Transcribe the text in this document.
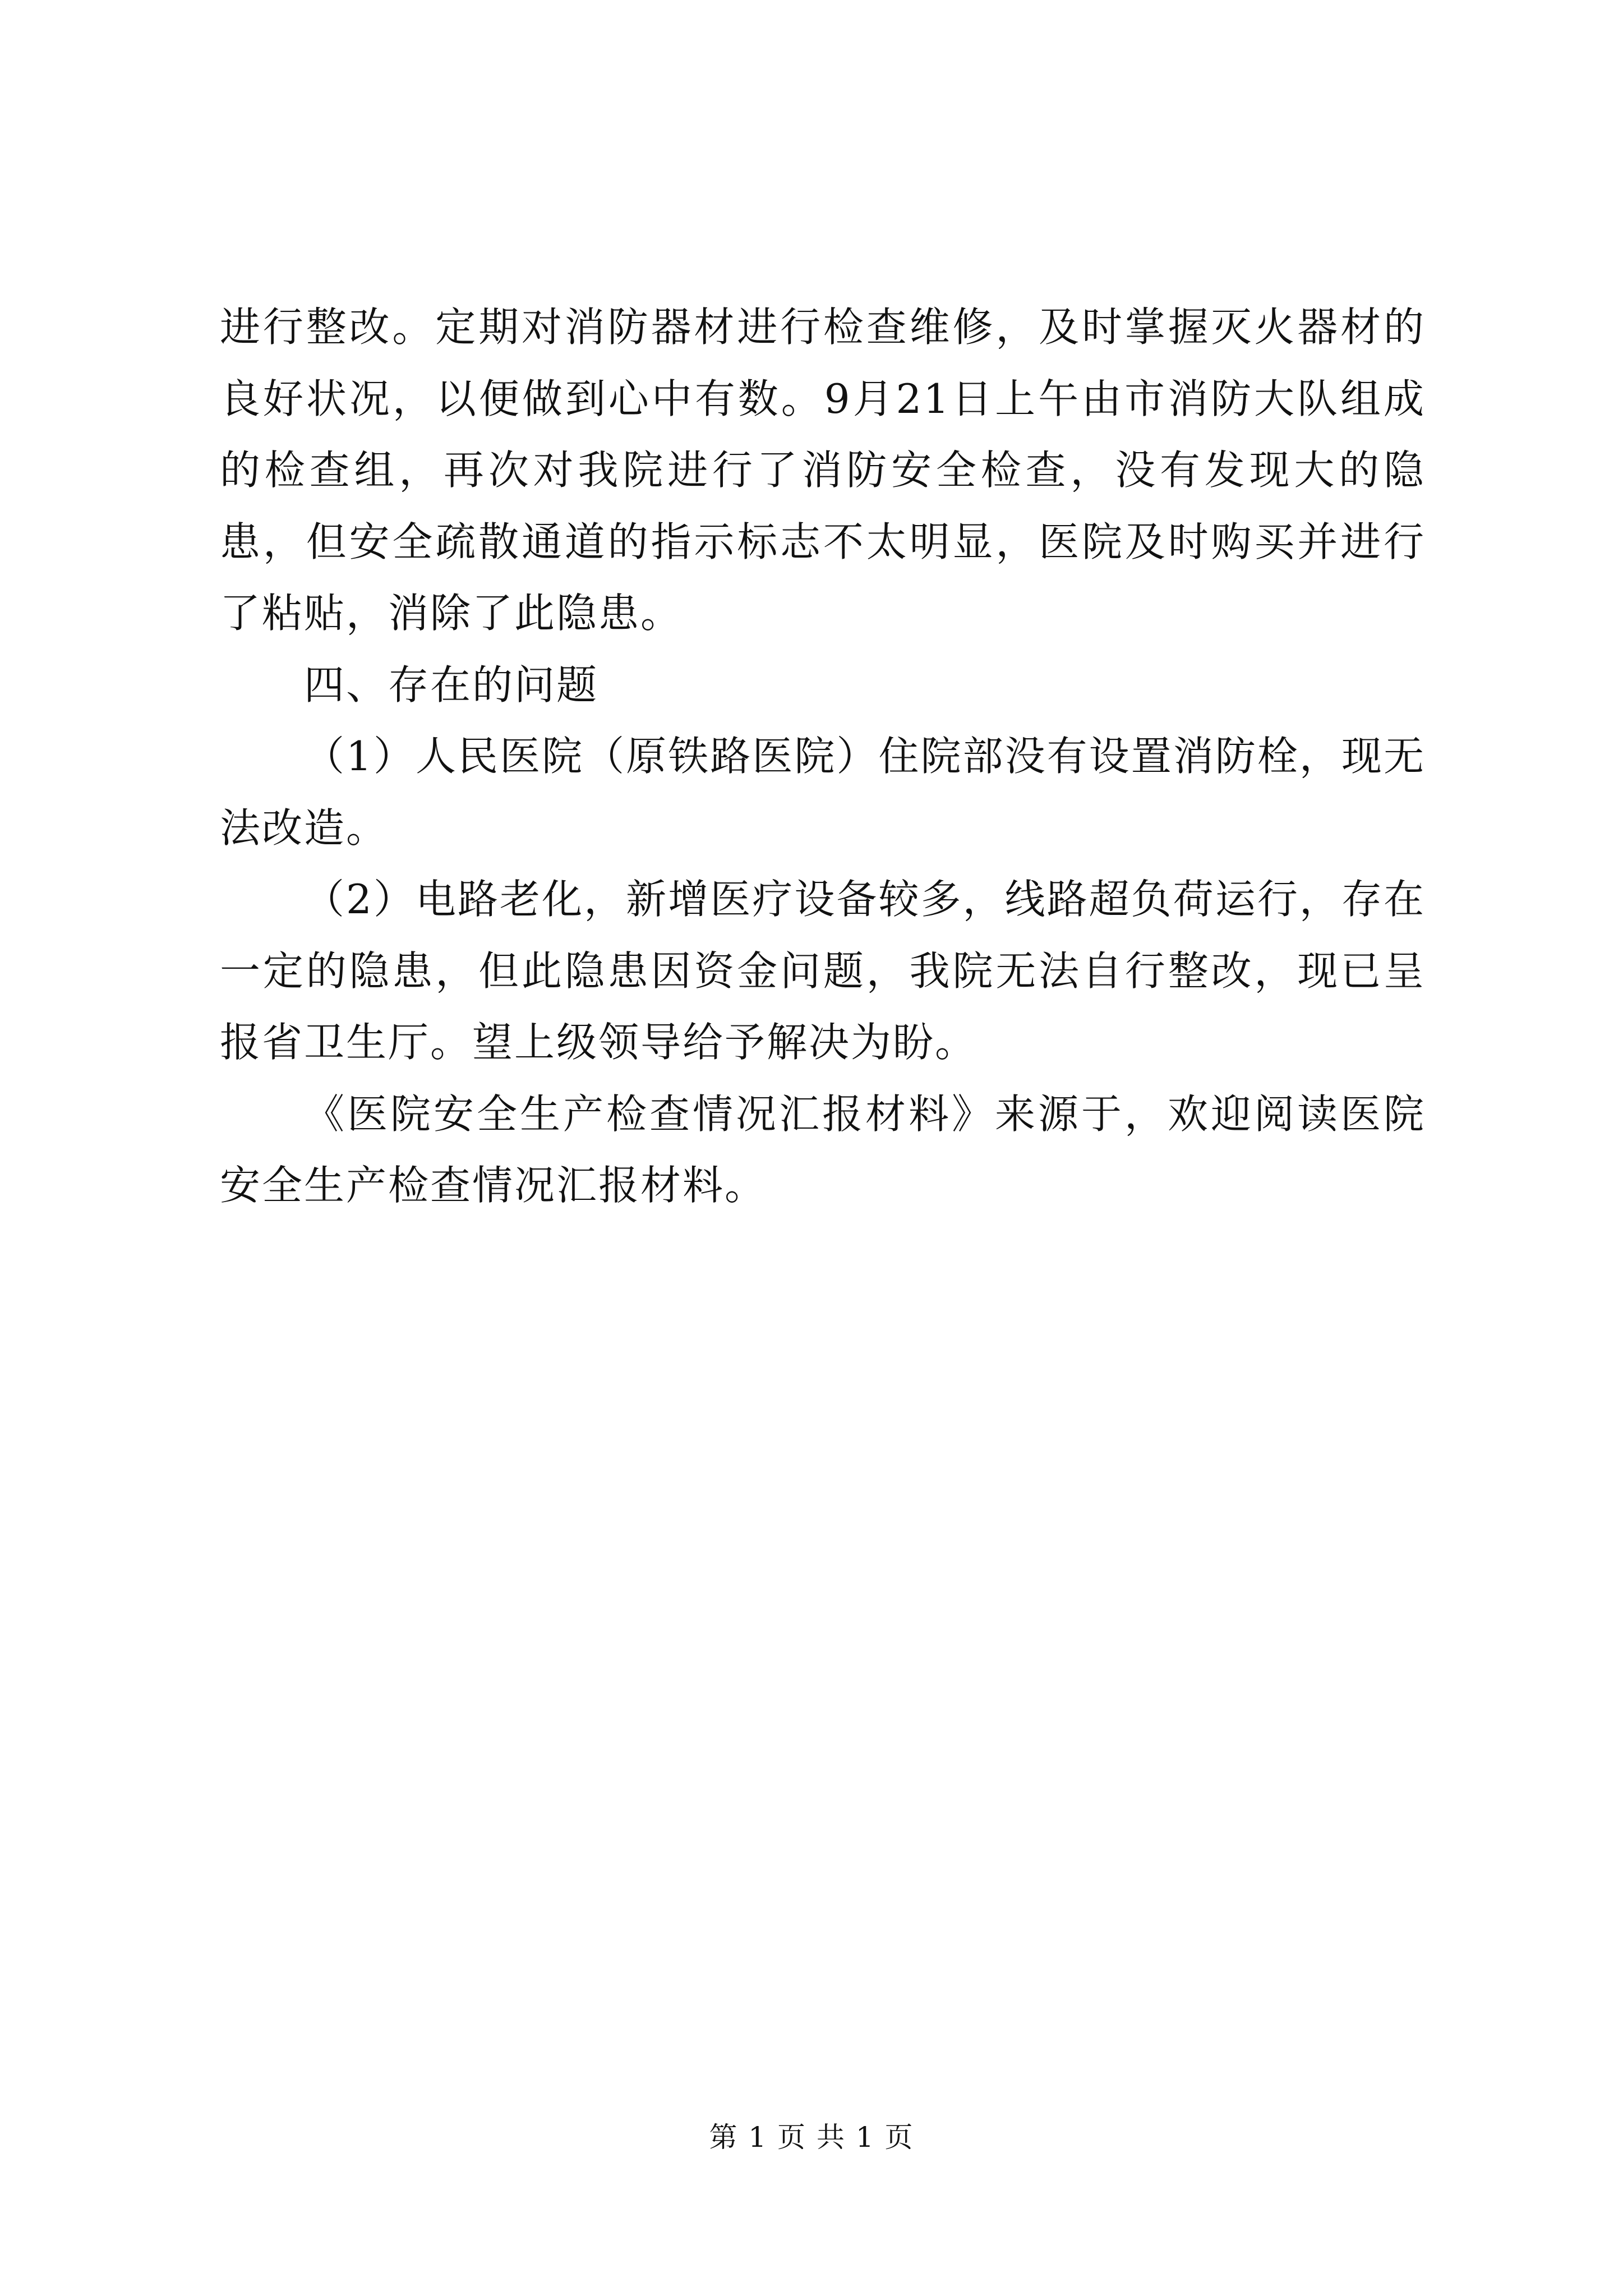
进行整改。定期对消防器材进行检查维修，及时掌握灭火器材的良好状况，以便做到心中有数。9月21日上午由市消防大队组成的检查组，再次对我院进行了消防安全检查，没有发现大的隐患，但安全疏散通道的指示标志不太明显，医院及时购买并进行了粘贴，消除了此隐患。

四、存在的问题

（1）人民医院（原铁路医院）住院部没有设置消防栓，现无法改造。

（2）电路老化，新增医疗设备较多，线路超负荷运行，存在一定的隐患，但此隐患因资金问题，我院无法自行整改，现已呈报省卫生厅。望上级领导给予解决为盼。

《医院安全生产检查情况汇报材料》来源于，欢迎阅读医院安全生产检查情况汇报材料。

第 1 页 共 1 页
